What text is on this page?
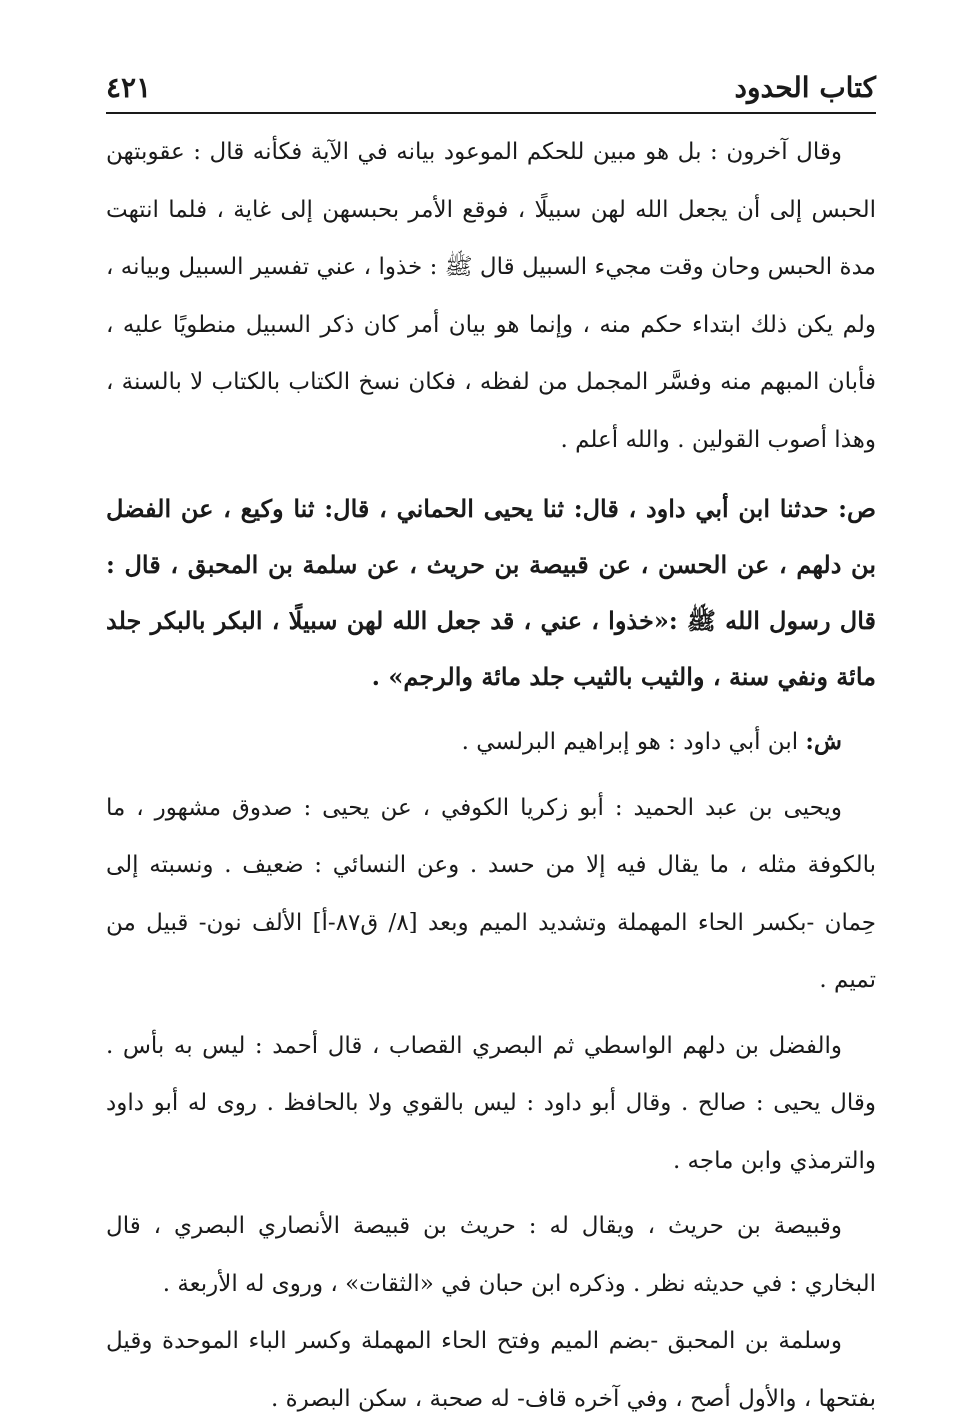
كتاب الحدود
٤٢١

وقال آخرون : بل هو مبين للحكم الموعود بيانه في الآية فكأنه قال : عقوبتهن الحبس إلى أن يجعل الله لهن سبيلًا ، فوقع الأمر بحبسهن إلى غاية ، فلما انتهت مدة الحبس وحان وقت مجيء السبيل قال ﷺ : خذوا ، عني تفسير السبيل وبيانه ، ولم يكن ذلك ابتداء حكم منه ، وإنما هو بيان أمر كان ذكر السبيل منطويًا عليه ، فأبان المبهم منه وفسَّر المجمل من لفظه ، فكان نسخ الكتاب بالكتاب لا بالسنة ، وهذا أصوب القولين . والله أعلم .

ص: حدثنا ابن أبي داود ، قال: ثنا يحيى الحماني ، قال: ثنا وكيع ، عن الفضل بن دلهم ، عن الحسن ، عن قبيصة بن حريث ، عن سلمة بن المحبق ، قال : قال رسول الله ﷺ :«خذوا ، عني ، قد جعل الله لهن سبيلًا ، البكر بالبكر جلد مائة ونفي سنة ، والثيب بالثيب جلد مائة والرجم» .

ش: ابن أبي داود : هو إبراهيم البرلسي .

ويحيى بن عبد الحميد : أبو زكريا الكوفي ، عن يحيى : صدوق مشهور ، ما بالكوفة مثله ، ما يقال فيه إلا من حسد . وعن النسائي : ضعيف . ونسبته إلى حِمان -بكسر الحاء المهملة وتشديد الميم وبعد [٨/ ق٨٧-أ] الألف نون- قبيل من تميم .

والفضل بن دلهم الواسطي ثم البصري القصاب ، قال أحمد : ليس به بأس . وقال يحيى : صالح . وقال أبو داود : ليس بالقوي ولا بالحافظ . روى له أبو داود والترمذي وابن ماجه .

وقبيصة بن حريث ، ويقال له : حريث بن قبيصة الأنصاري البصري ، قال البخاري : في حديثه نظر . وذكره ابن حبان في «الثقات» ، وروى له الأربعة .

وسلمة بن المحبق -بضم الميم وفتح الحاء المهملة وكسر الباء الموحدة وقيل بفتحها ، والأول أصح ، وفي آخره قاف- له صحبة ، سكن البصرة .
